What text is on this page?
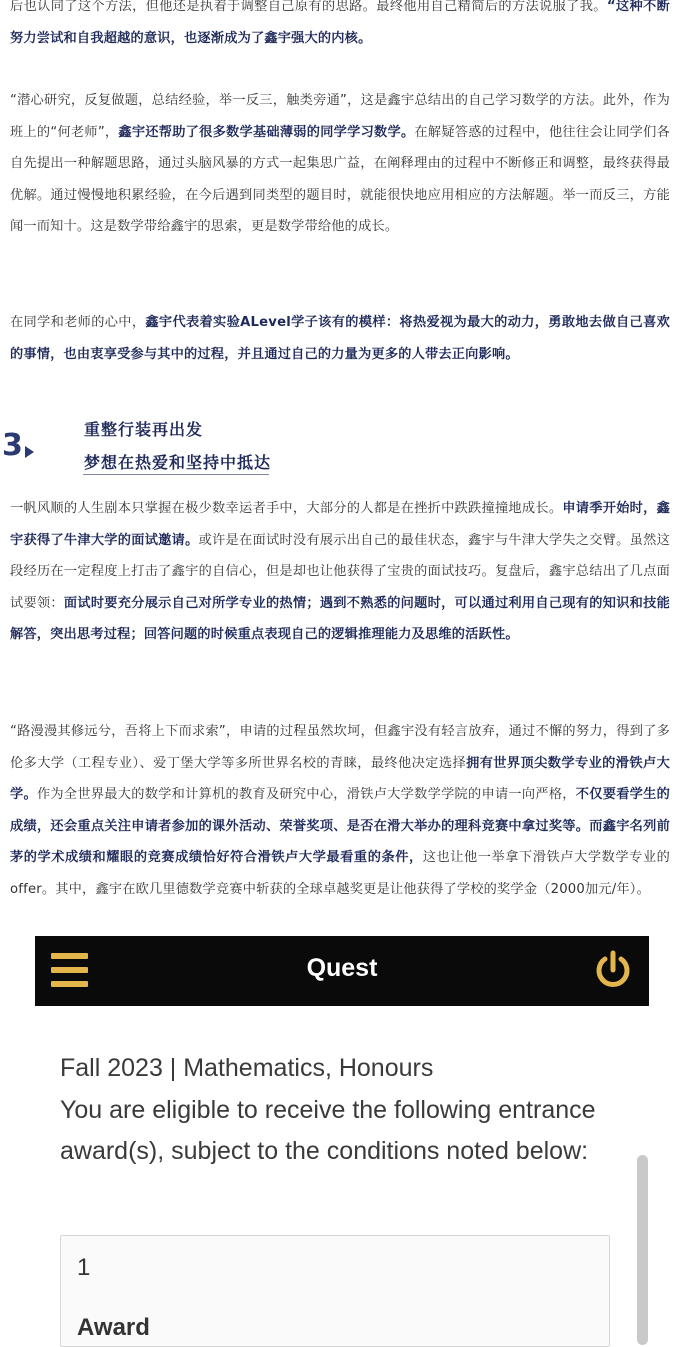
后也认同了这个方法，但他还是执着于调整自己原有的思路。最终他用自己精简后的方法说服了我。“这种不断努力尝试和自我超越的意识，也逐渐成为了鑫宇强大的内核。

“潜心研究，反复做题，总结经验，举一反三，触类旁通”，这是鑫宇总结出的自己学习数学的方法。此外，作为班上的“何老师”，鑫宇还帮助了很多数学基础薄弱的同学学习数学。在解疑答惑的过程中，他往往会让同学们各自先提出一种解题思路，通过头脑风暴的方式一起集思广益，在阐释理由的过程中不断修正和调整，最终获得最优解。通过慢慢地积累经验，在今后遇到同类型的题目时，就能很快地应用相应的方法解题。举一而反三，方能闻一而知十。这是数学带给鑫宇的思索，更是数学带给他的成长。

在同学和老师的心中，鑫宇代表着实验ALevel学子该有的模样：将热爱视为最大的动力，勇敢地去做自己喜欢的事情，也由衷享受参与其中的过程，并且通过自己的力量为更多的人带去正向影响。

3	重整行装再出发
梦想在热爱和坚持中抵达

一帆风顺的人生剧本只掌握在极少数幸运者手中，大部分的人都是在挫折中跌跌撞撞地成长。申请季开始时，鑫宇获得了牛津大学的面试邀请。或许是在面试时没有展示出自己的最佳状态，鑫宇与牛津大学失之交臂。虽然这段经历在一定程度上打击了鑫宇的自信心，但是却也让他获得了宝贵的面试技巧。复盘后，鑫宇总结出了几点面试要领：面试时要充分展示自己对所学专业的热情；遇到不熟悉的问题时，可以通过利用自己现有的知识和技能解答，突出思考过程；回答问题的时候重点表现自己的逻辑推理能力及思维的活跃性。

“路漫漫其修远兮，吾将上下而求索”，申请的过程虽然坎坷，但鑫宇没有轻言放弃，通过不懈的努力，得到了多伦多大学（工程专业）、爱丁堡大学等多所世界名校的青睐，最终他决定选择拥有世界顶尖数学专业的滑铁卢大学。作为全世界最大的数学和计算机的教育及研究中心，滑铁卢大学数学学院的申请一向严格，不仅要看学生的成绩，还会重点关注申请者参加的课外活动、荣誉奖项、是否在滑大举办的理科竞赛中拿过奖等。而鑫宇名列前茅的学术成绩和耀眼的竞赛成绩恰好符合滑铁卢大学最看重的条件，这也让他一举拿下滑铁卢大学数学专业的offer。其中，鑫宇在欧几里德数学竞赛中斩获的全球卓越奖更是让他获得了学校的奖学金（2000加元/年）。

Quest
Fall 2023 | Mathematics, Honours
You are eligible to receive the following entrance award(s), subject to the conditions noted below:
1
Award
